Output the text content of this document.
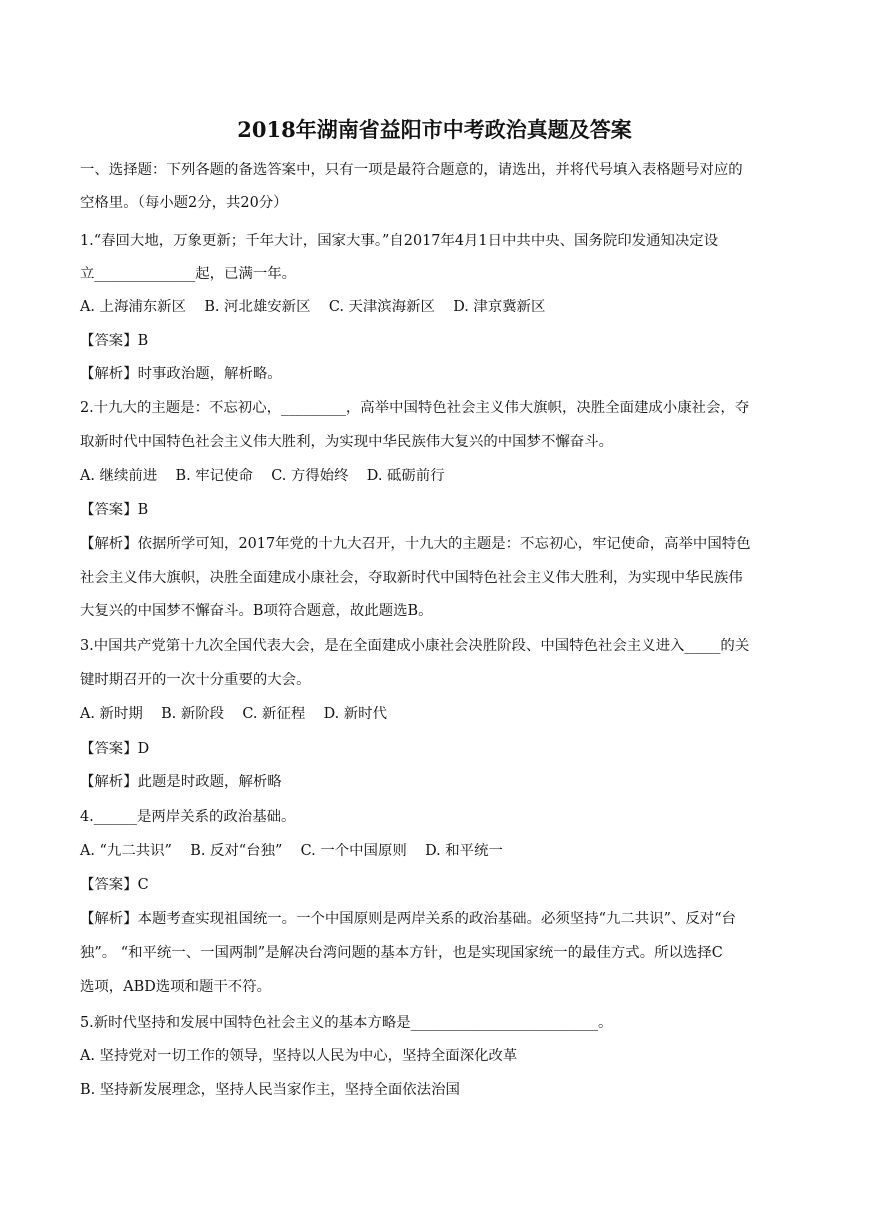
2018年湖南省益阳市中考政治真题及答案

一、选择题：下列各题的备选答案中，只有一项是最符合题意的，请选出，并将代号填入表格题号对应的

空格里。（每小题2分，共20分）

1.“春回大地，万象更新；千年大计，国家大事。”自2017年4月1日中共中央、国务院印发通知决定设

立______________起，已满一年。

A. 上海浦东新区    B. 河北雄安新区    C. 天津滨海新区    D. 津京冀新区

【答案】B

【解析】时事政治题，解析略。

2.十九大的主题是：不忘初心，_________，高举中国特色社会主义伟大旗帜，决胜全面建成小康社会，夺

取新时代中国特色社会主义伟大胜利，为实现中华民族伟大复兴的中国梦不懈奋斗。

A. 继续前进    B. 牢记使命    C. 方得始终    D. 砥砺前行

【答案】B

【解析】依据所学可知，2017年党的十九大召开，十九大的主题是：不忘初心，牢记使命，高举中国特色

社会主义伟大旗帜，决胜全面建成小康社会，夺取新时代中国特色社会主义伟大胜利，为实现中华民族伟

大复兴的中国梦不懈奋斗。B项符合题意，故此题选B。

3.中国共产党第十九次全国代表大会，是在全面建成小康社会决胜阶段、中国特色社会主义进入_____的关

键时期召开的一次十分重要的大会。

A. 新时期    B. 新阶段    C. 新征程    D. 新时代

【答案】D

【解析】此题是时政题，解析略

4.______是两岸关系的政治基础。

A. “九二共识”    B. 反对“台独”    C. 一个中国原则    D. 和平统一

【答案】C

【解析】本题考查实现祖国统一。一个中国原则是两岸关系的政治基础。必须坚持“九二共识”、反对“台

独”。 “和平统一、一国两制”是解决台湾问题的基本方针，也是实现国家统一的最佳方式。所以选择C

选项，ABD选项和题干不符。

5.新时代坚持和发展中国特色社会主义的基本方略是__________________________。

A. 坚持党对一切工作的领导，坚持以人民为中心，坚持全面深化改革

B. 坚持新发展理念，坚持人民当家作主，坚持全面依法治国
